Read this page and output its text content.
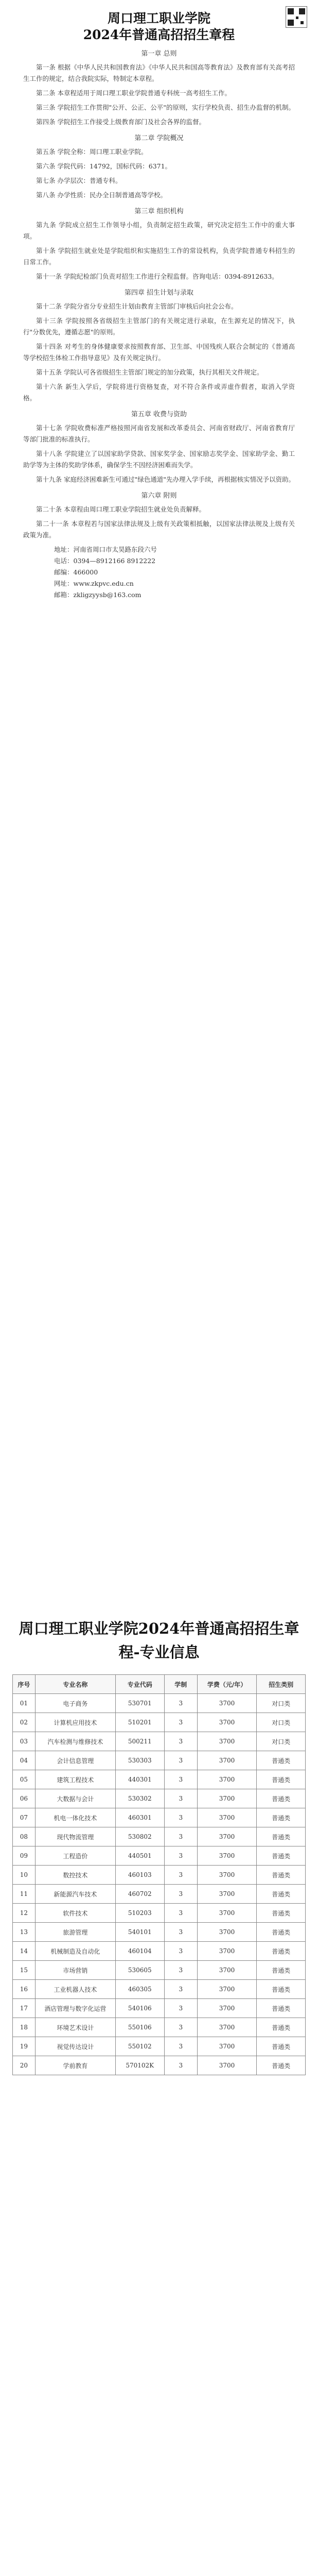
周口理工职业学院
2024年普通高招招生章程
第一章 总则

第一条 根据《中华人民共和国教育法》《中华人民共和国高等教育法》及教育部有关高考招生工作的规定，结合我院实际，特制定本章程。

第二条 本章程适用于周口理工职业学院普通专科统一高考招生工作。

第三条 学院招生工作贯彻"公开、公正、公平"的原则，实行学校负责、招生办监督的机制。

第四条 学院招生工作接受上级教育部门及社会各界的监督。

第二章 学院概况

第五条 学院全称：周口理工职业学院。

第六条 学院代码：14792，国标代码：6371。

第七条 办学层次：普通专科。

第八条 办学性质：民办全日制普通高等学校。

第三章 组织机构

第九条 学院成立招生工作领导小组，负责制定招生政策，研究决定招生工作中的重大事项。

第十条 学院招生就业处是学院组织和实施招生工作的常设机构，负责学院普通专科招生的日常工作。

第十一条 学院纪检部门负责对招生工作进行全程监督。咨询电话：0394-8912633。

第四章 招生计划与录取

第十二条 学院分省分专业招生计划由教育主管部门审核后向社会公布。

第十三条 学院按照各省级招生主管部门的有关规定进行录取，在生源充足的情况下，执行"分数优先，遵循志愿"的原则。

第十四条 对考生的身体健康要求按照教育部、卫生部、中国残疾人联合会制定的《普通高等学校招生体检工作指导意见》及有关规定执行。

第十五条 学院认可各省级招生主管部门规定的加分政策，执行其相关文件规定。

第十六条 新生入学后，学院将进行资格复查，对不符合条件或弄虚作假者，取消入学资格。

第五章 收费与资助

第十七条 学院收费标准严格按照河南省发展和改革委员会、河南省财政厅、河南省教育厅等部门批准的标准执行。

第十八条 学院建立了以国家助学贷款、国家奖学金、国家励志奖学金、国家助学金、勤工助学等为主体的奖助学体系，确保学生不因经济困难而失学。

第十九条 家庭经济困难新生可通过"绿色通道"先办理入学手续，再根据核实情况予以资助。

第六章 附则

第二十条 本章程由周口理工职业学院招生就业处负责解释。

第二十一条 本章程若与国家法律法规及上级有关政策相抵触，以国家法律法规及上级有关政策为准。

地址：河南省周口市太昊路东段六号
电话：0394—8912166 8912222
邮编：466000
网址：www.zkpvc.edu.cn
邮箱：zkligzyysb@163.com
周口理工职业学院2024年普通高招招生章
程-专业信息
序号	专业名称	专业代码	学制	学费（元/年）	招生类别
01	电子商务	530701	3	3700	对口类
02	计算机应用技术	510201	3	3700	对口类
03	汽车检测与维修技术	500211	3	3700	对口类
04	会计信息管理	530303	3	3700	普通类
05	建筑工程技术	440301	3	3700	普通类
06	大数据与会计	530302	3	3700	普通类
07	机电一体化技术	460301	3	3700	普通类
08	现代物流管理	530802	3	3700	普通类
09	工程造价	440501	3	3700	普通类
10	数控技术	460103	3	3700	普通类
11	新能源汽车技术	460702	3	3700	普通类
12	软件技术	510203	3	3700	普通类
13	旅游管理	540101	3	3700	普通类
14	机械制造及自动化	460104	3	3700	普通类
15	市场营销	530605	3	3700	普通类
16	工业机器人技术	460305	3	3700	普通类
17	酒店管理与数字化运营	540106	3	3700	普通类
18	环境艺术设计	550106	3	3700	普通类
19	视觉传达设计	550102	3	3700	普通类
20	学前教育	570102K	3	3700	普通类
